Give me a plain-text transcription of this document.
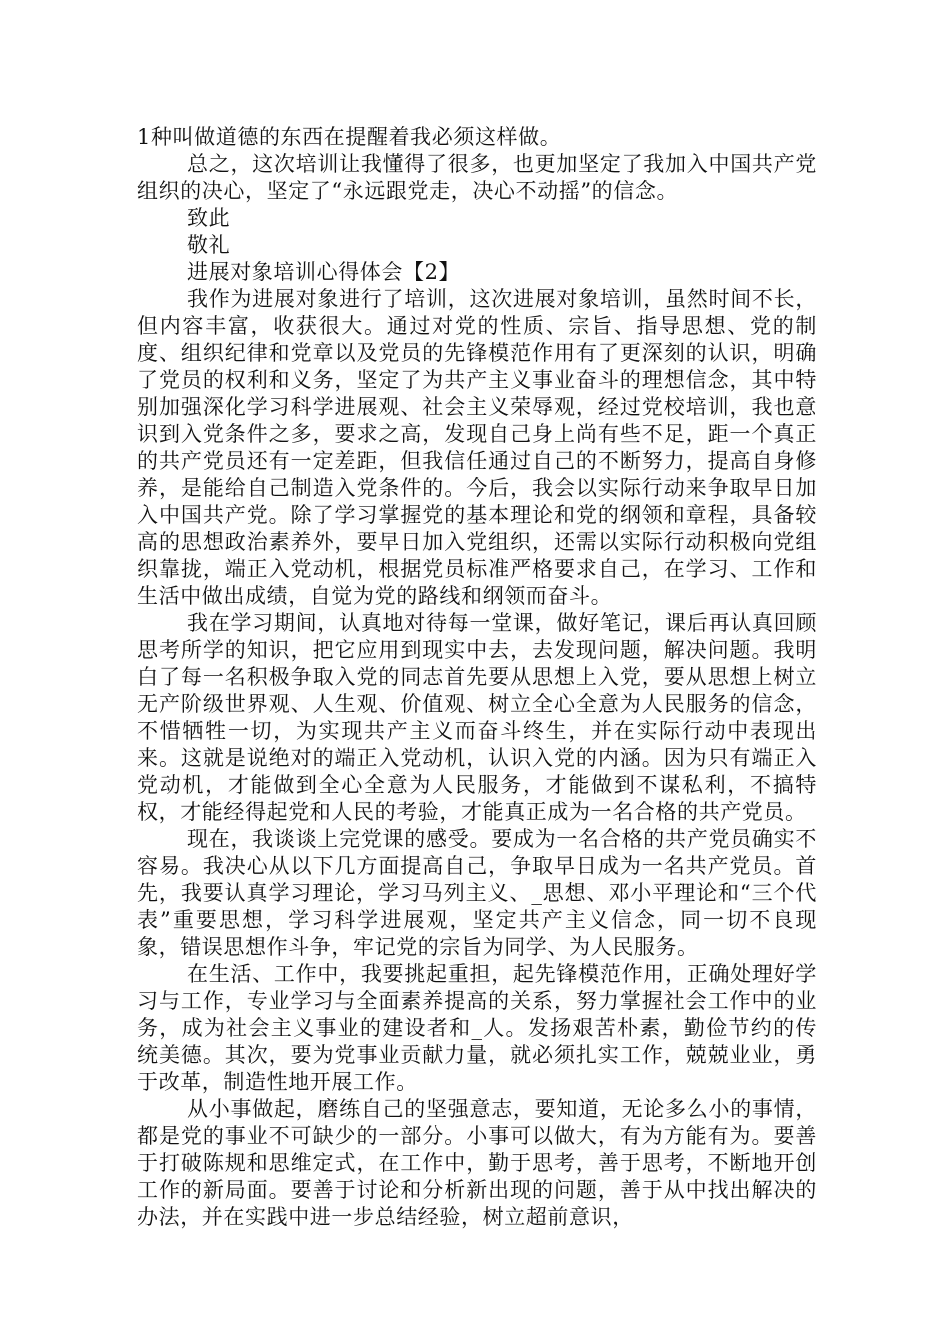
1种叫做道德的东西在提醒着我必须这样做。

总之，这次培训让我懂得了很多，也更加坚定了我加入中国共产党组织的决心，坚定了“永远跟党走，决心不动摇”的信念。

致此

敬礼

进展对象培训心得体会【2】

我作为进展对象进行了培训，这次进展对象培训，虽然时间不长，但内容丰富，收获很大。通过对党的性质、宗旨、指导思想、党的制度、组织纪律和党章以及党员的先锋模范作用有了更深刻的认识，明确了党员的权利和义务，坚定了为共产主义事业奋斗的理想信念，其中特别加强深化学习科学进展观、社会主义荣辱观，经过党校培训，我也意识到入党条件之多，要求之高，发现自己身上尚有些不足，距一个真正的共产党员还有一定差距，但我信任通过自己的不断努力，提高自身修养，是能给自己制造入党条件的。今后，我会以实际行动来争取早日加入中国共产党。除了学习掌握党的基本理论和党的纲领和章程，具备较高的思想政治素养外，要早日加入党组织，还需以实际行动积极向党组织靠拢，端正入党动机，根据党员标准严格要求自己，在学习、工作和生活中做出成绩，自觉为党的路线和纲领而奋斗。

我在学习期间，认真地对待每一堂课，做好笔记，课后再认真回顾思考所学的知识，把它应用到现实中去，去发现问题，解决问题。我明白了每一名积极争取入党的同志首先要从思想上入党，要从思想上树立无产阶级世界观、人生观、价值观、树立全心全意为人民服务的信念，不惜牺牲一切，为实现共产主义而奋斗终生，并在实际行动中表现出来。这就是说绝对的端正入党动机，认识入党的内涵。因为只有端正入党动机，才能做到全心全意为人民服务，才能做到不谋私利，不搞特权，才能经得起党和人民的考验，才能真正成为一名合格的共产党员。

现在，我谈谈上完党课的感受。要成为一名合格的共产党员确实不容易。我决心从以下几方面提高自己，争取早日成为一名共产党员。首先，我要认真学习理论，学习马列主义、_思想、邓小平理论和“三个代表”重要思想，学习科学进展观，坚定共产主义信念，同一切不良现象，错误思想作斗争，牢记党的宗旨为同学、为人民服务。

在生活、工作中，我要挑起重担，起先锋模范作用，正确处理好学习与工作，专业学习与全面素养提高的关系，努力掌握社会工作中的业务，成为社会主义事业的建设者和_人。发扬艰苦朴素，勤俭节约的传统美德。其次，要为党事业贡献力量，就必须扎实工作，兢兢业业，勇于改革，制造性地开展工作。

从小事做起，磨练自己的坚强意志，要知道，无论多么小的事情，都是党的事业不可缺少的一部分。小事可以做大，有为方能有为。要善于打破陈规和思维定式，在工作中，勤于思考，善于思考，不断地开创工作的新局面。要善于讨论和分析新出现的问题，善于从中找出解决的办法，并在实践中进一步总结经验，树立超前意识，
